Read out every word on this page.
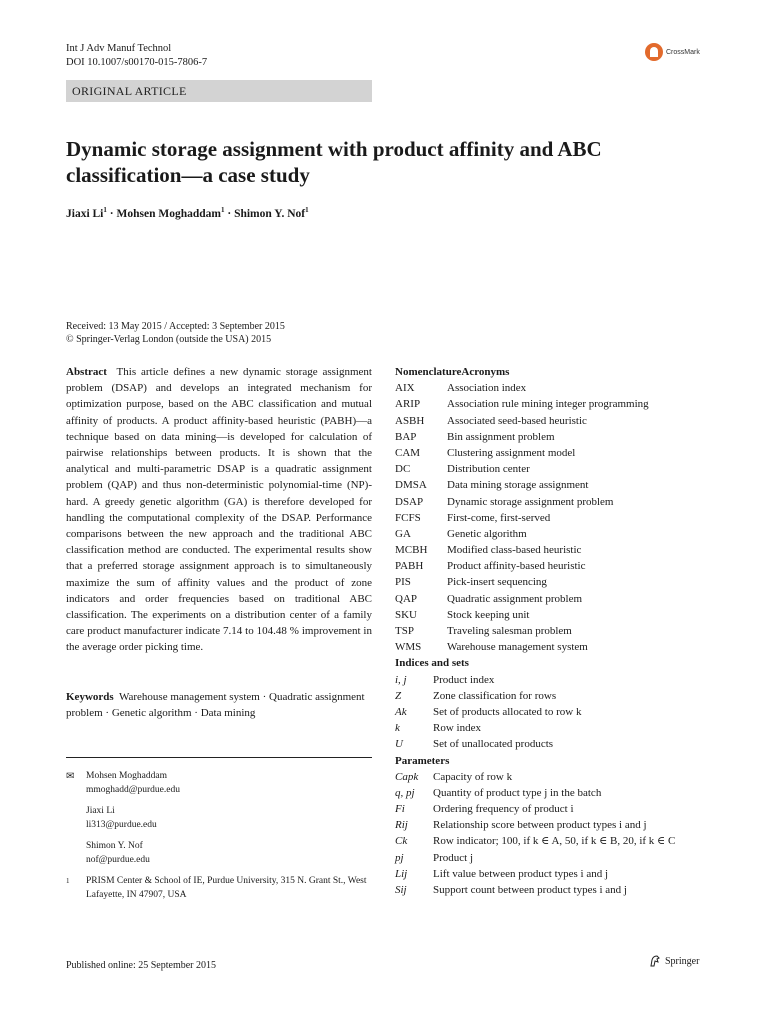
Int J Adv Manuf Technol
DOI 10.1007/s00170-015-7806-7
CrossMark
ORIGINAL ARTICLE
Dynamic storage assignment with product affinity and ABC classification—a case study
Jiaxi $Li^1$ · Mohsen Moghaddam$^1$ · Shimon Y. Nof$^1$
Received: 13 May 2015 / Accepted: 3 September 2015
© Springer-Verlag London (outside the USA) 2015
Abstract This article defines a new dynamic storage assignment problem (DSAP) and develops an integrated mechanism for optimization purpose, based on the ABC classification and mutual affinity of products. A product affinity-based heuristic (PABH)—a technique based on data mining—is developed for calculation of pairwise relationships between products. It is shown that the analytical and multi-parametric DSAP is a quadratic assignment problem (QAP) and thus non-deterministic polynomial-time (NP)-hard. A greedy genetic algorithm (GA) is therefore developed for handling the computational complexity of the DSAP. Performance comparisons between the new approach and the traditional ABC classification method are conducted. The experimental results show that a preferred storage assignment approach is to simultaneously maximize the sum of affinity values and the product of zone indicators and order frequencies based on traditional ABC classification. The experiments on a distribution center of a family care product manufacturer indicate 7.14 to 104.48 % improvement in the average order picking time.
Keywords Warehouse management system · Quadratic assignment problem · Genetic algorithm · Data mining
✉	Mohsen Moghaddam
mmoghadd@purdue.edu
Jiaxi Li
li313@purdue.edu
Shimon Y. Nof
nof@purdue.edu
1	PRISM Center & School of IE, Purdue University, 315 N. Grant St., West Lafayette, IN 47907, USA
Published online: 25 September 2015	Springer
NomenclatureAcronyms
AIX	Association index
ARIP	Association rule mining integer programming
ASBH	Associated seed-based heuristic
BAP	Bin assignment problem
CAM	Clustering assignment model
DC	Distribution center
DMSA	Data mining storage assignment
DSAP	Dynamic storage assignment problem
FCFS	First-come, first-served
GA	Genetic algorithm
MCBH	Modified class-based heuristic
PABH	Product affinity-based heuristic
PIS	Pick-insert sequencing
QAP	Quadratic assignment problem
SKU	Stock keeping unit
TSP	Traveling salesman problem
WMS	Warehouse management system
Indices and sets
i, j	Product index
Z	Zone classification for rows
Ak	Set of products allocated to row k
k	Row index
U	Set of unallocated products
Parameters
Capk	Capacity of row k
q, pj	Quantity of product type j in the batch
Fi	Ordering frequency of product i
Rij	Relationship score between product types i and j
Ck	Row indicator; 100, if k ∈ A, 50, if k ∈ B, 20, if k ∈ C
pj	Product j
Lij	Lift value between product types i and j
Sij	Support count between product types i and j
